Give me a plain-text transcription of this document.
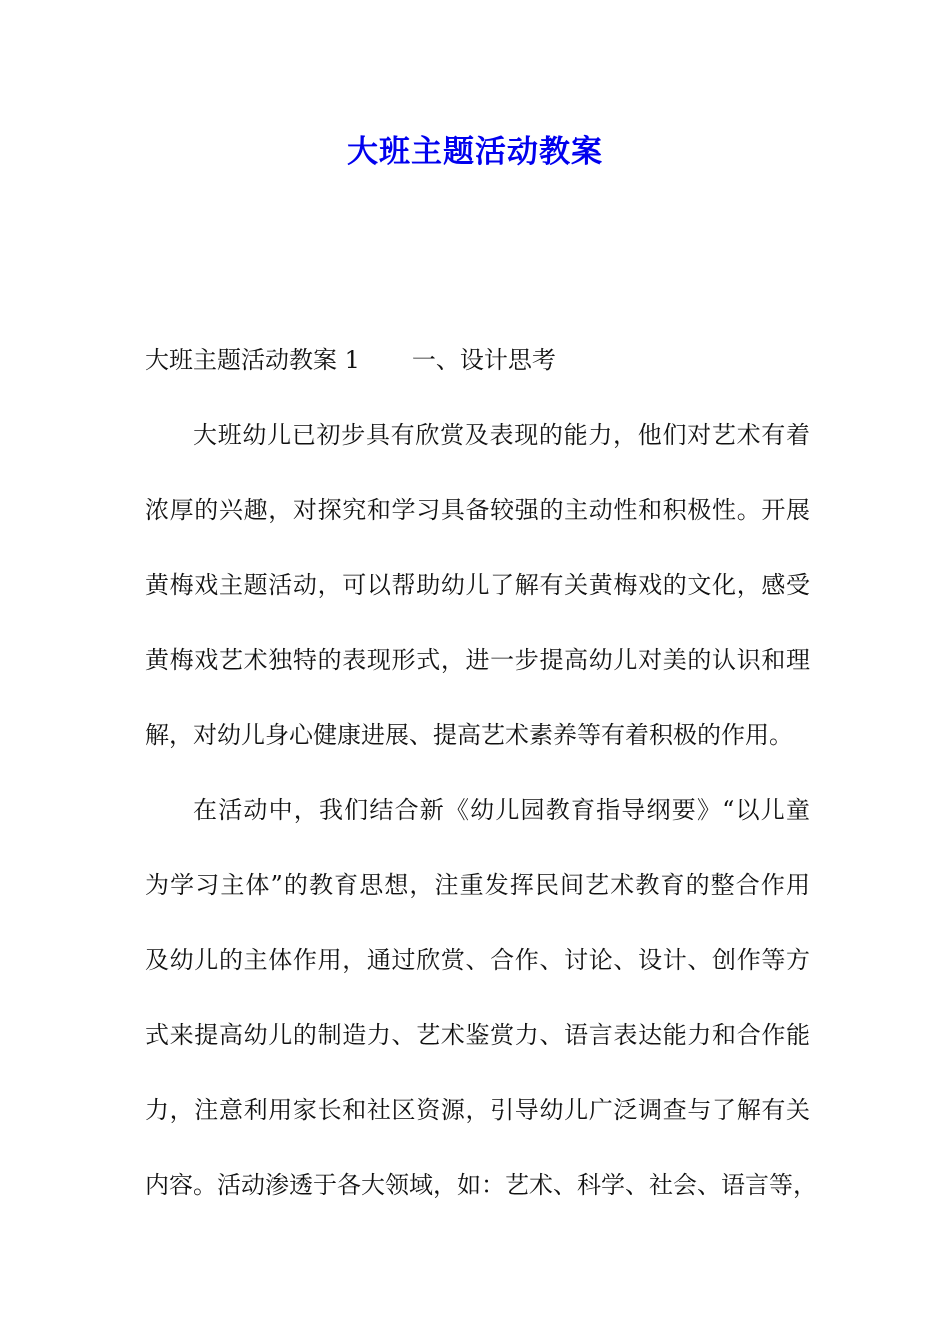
大班主题活动教案
大班主题活动教案 1 一、设计思考
大班幼儿已初步具有欣赏及表现的能力，他们对艺术有着
浓厚的兴趣，对探究和学习具备较强的主动性和积极性。开展
黄梅戏主题活动，可以帮助幼儿了解有关黄梅戏的文化，感受
黄梅戏艺术独特的表现形式，进一步提高幼儿对美的认识和理
解，对幼儿身心健康进展、提高艺术素养等有着积极的作用。
在活动中，我们结合新《幼儿园教育指导纲要》“以儿童
为学习主体”的教育思想，注重发挥民间艺术教育的整合作用
及幼儿的主体作用，通过欣赏、合作、讨论、设计、创作等方
式来提高幼儿的制造力、艺术鉴赏力、语言表达能力和合作能
力，注意利用家长和社区资源，引导幼儿广泛调查与了解有关
内容。活动渗透于各大领域，如：艺术、科学、社会、语言等，
